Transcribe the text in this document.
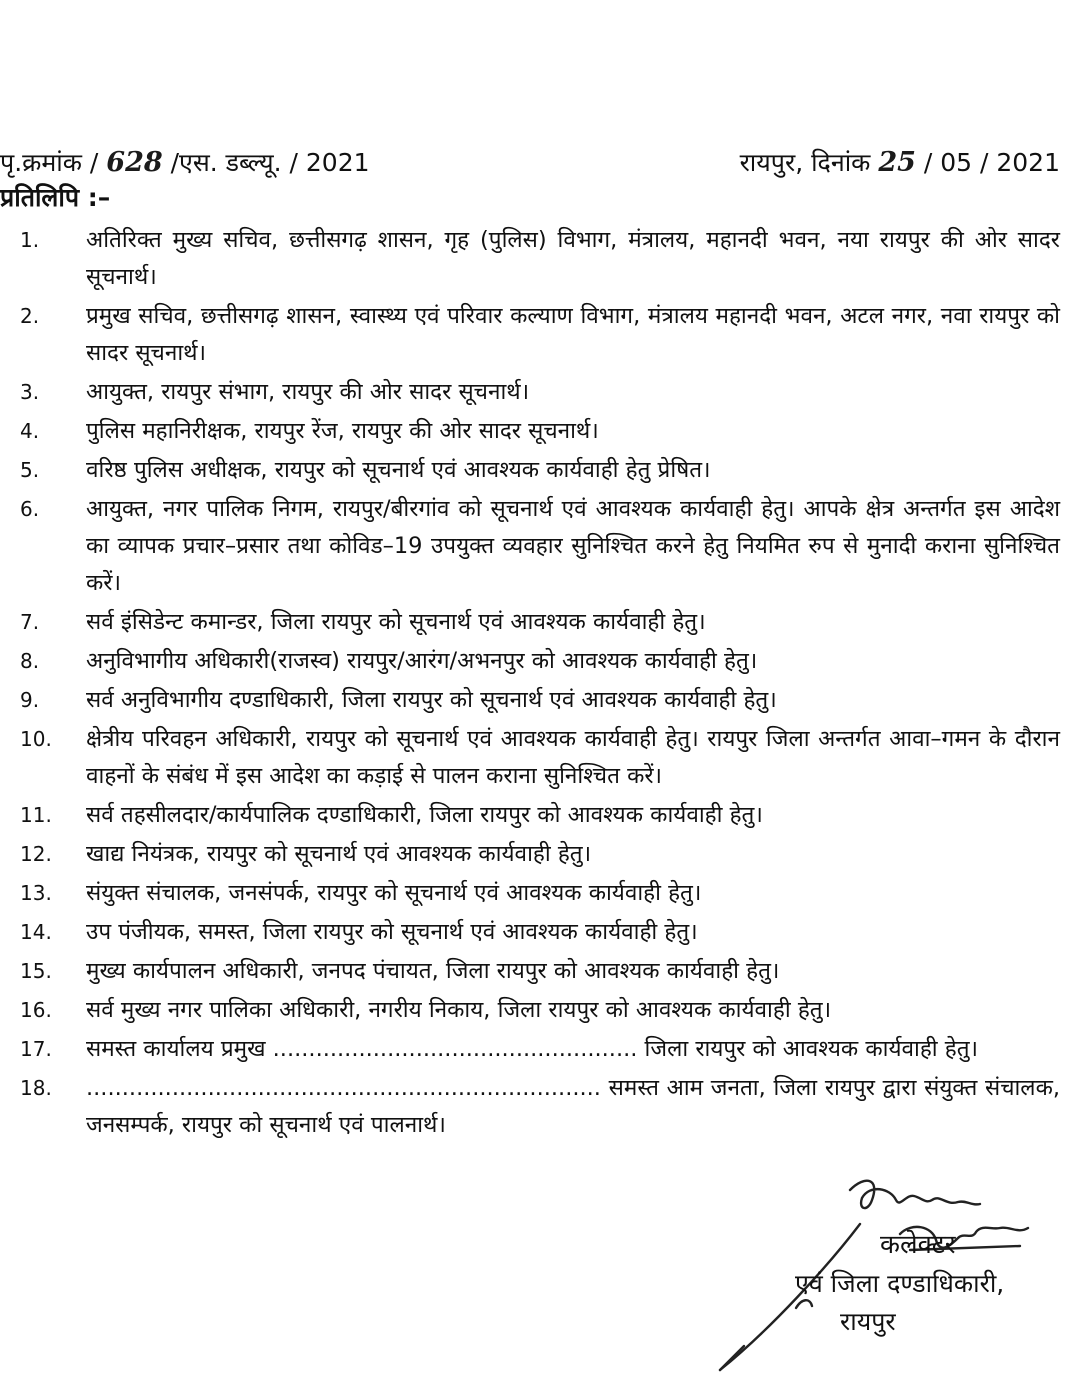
पृ.क्रमांक / 628 /एस. डब्ल्यू. / 2021	रायपुर, दिनांक 25 / 05 / 2021
प्रतिलिपि :–
1.	अतिरिक्त मुख्य सचिव, छत्तीसगढ़ शासन, गृह (पुलिस) विभाग, मंत्रालय, महानदी भवन, नया रायपुर की ओर सादर सूचनार्थ।
2.	प्रमुख सचिव, छत्तीसगढ़ शासन, स्वास्थ्य एवं परिवार कल्याण विभाग, मंत्रालय महानदी भवन, अटल नगर, नवा रायपुर को सादर सूचनार्थ।
3.	आयुक्त, रायपुर संभाग, रायपुर की ओर सादर सूचनार्थ।
4.	पुलिस महानिरीक्षक, रायपुर रेंज, रायपुर की ओर सादर सूचनार्थ।
5.	वरिष्ठ पुलिस अधीक्षक, रायपुर को सूचनार्थ एवं आवश्यक कार्यवाही हेतु प्रेषित।
6.	आयुक्त, नगर पालिक निगम, रायपुर/बीरगांव को सूचनार्थ एवं आवश्यक कार्यवाही हेतु। आपके क्षेत्र अन्तर्गत इस आदेश का व्यापक प्रचार–प्रसार तथा कोविड–19 उपयुक्त व्यवहार सुनिश्चित करने हेतु नियमित रुप से मुनादी कराना सुनिश्चित करें।
7.	सर्व इंसिडेन्ट कमान्डर, जिला रायपुर को सूचनार्थ एवं आवश्यक कार्यवाही हेतु।
8.	अनुविभागीय अधिकारी(राजस्व) रायपुर/आरंग/अभनपुर को आवश्यक कार्यवाही हेतु।
9.	सर्व अनुविभागीय दण्डाधिकारी, जिला रायपुर को सूचनार्थ एवं आवश्यक कार्यवाही हेतु।
10.	क्षेत्रीय परिवहन अधिकारी, रायपुर को सूचनार्थ एवं आवश्यक कार्यवाही हेतु। रायपुर जिला अन्तर्गत आवा–गमन के दौरान वाहनों के संबंध में इस आदेश का कड़ाई से पालन कराना सुनिश्चित करें।
11.	सर्व तहसीलदार/कार्यपालिक दण्डाधिकारी, जिला रायपुर को आवश्यक कार्यवाही हेतु।
12.	खाद्य नियंत्रक, रायपुर को सूचनार्थ एवं आवश्यक कार्यवाही हेतु।
13.	संयुक्त संचालक, जनसंपर्क, रायपुर को सूचनार्थ एवं आवश्यक कार्यवाही हेतु।
14.	उप पंजीयक, समस्त, जिला रायपुर को सूचनार्थ एवं आवश्यक कार्यवाही हेतु।
15.	मुख्य कार्यपालन अधिकारी, जनपद पंचायत, जिला रायपुर को आवश्यक कार्यवाही हेतु।
16.	सर्व मुख्य नगर पालिका अधिकारी, नगरीय निकाय, जिला रायपुर को आवश्यक कार्यवाही हेतु।
17.	समस्त कार्यालय प्रमुख ................................................... जिला रायपुर को आवश्यक कार्यवाही हेतु।
18.	........................................................................ समस्त आम जनता, जिला रायपुर द्वारा संयुक्त संचालक, जनसम्पर्क, रायपुर को सूचनार्थ एवं पालनार्थ।
कलेक्टर
एवं जिला दण्डाधिकारी,
रायपुर
